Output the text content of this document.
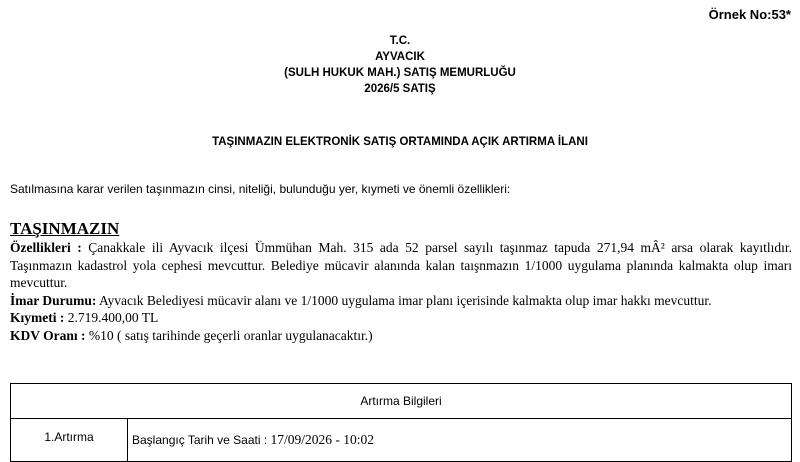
Örnek No:53*
T.C.
AYVACIK
(SULH HUKUK MAH.) SATIŞ MEMURLUĞU
2026/5 SATIŞ
TAŞINMAZIN ELEKTRONİK SATIŞ ORTAMINDA AÇIK ARTIRMA İLANI
Satılmasına karar verilen taşınmazın cinsi, niteliği, bulunduğu yer, kıymeti ve önemli özellikleri:
TAŞINMAZIN
Özellikleri : Çanakkale ili Ayvacık ilçesi Ümmühan Mah. 315 ada 52 parsel sayılı taşınmaz tapuda 271,94 mÂ² arsa olarak kayıtlıdır. Taşınmazın kadastrol yola cephesi mevcuttur. Belediye mücavir alanında kalan taışnmazın 1/1000 uygulama planında kalmakta olup imarı mevcuttur.
İmar Durumu: Ayvacık Belediyesi mücavir alanı ve 1/1000 uygulama imar planı içerisinde kalmakta olup imar hakkı mevcuttur.
Kıymeti : 2.719.400,00 TL
KDV Oranı : %10 ( satış tarihinde geçerli oranlar uygulanacaktır.)
Artırma Bilgileri
1.Artırma	Başlangıç Tarih ve Saati : 17/09/2026 - 10:02
